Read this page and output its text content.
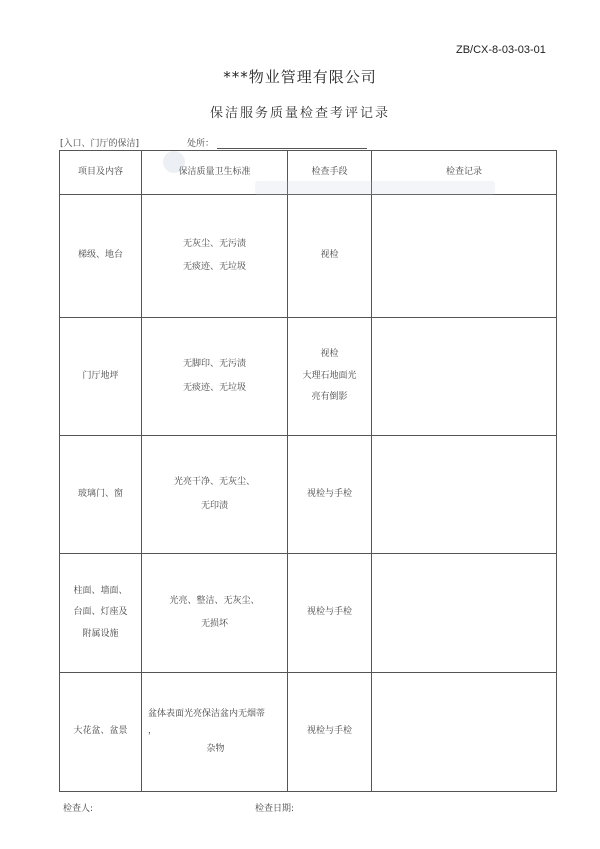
ZB/CX-8-03-03-01
***物业管理有限公司
保洁服务质量检查考评记录
[入口、门厅的保洁]	处所：
项目及内容	保洁质量卫生标准	检查手段	检查记录

梯级、地台	无灰尘、无污渍
无痰迹、无垃圾	视检	

门厅地坪	无脚印、无污渍
无痰迹、无垃圾	视检
大理石地面光
亮有倒影	

玻璃门、窗	光亮干净、无灰尘、
无印渍	视检与手检	

柱面、墙面、
台面、灯座及
附属设施	光亮、整洁、无灰尘、
无损坏	视检与手检	

大花盆、盆景	盆体表面光亮保洁盆内无烟蒂
，
杂物	视检与手检	

检查人:	检查日期:
